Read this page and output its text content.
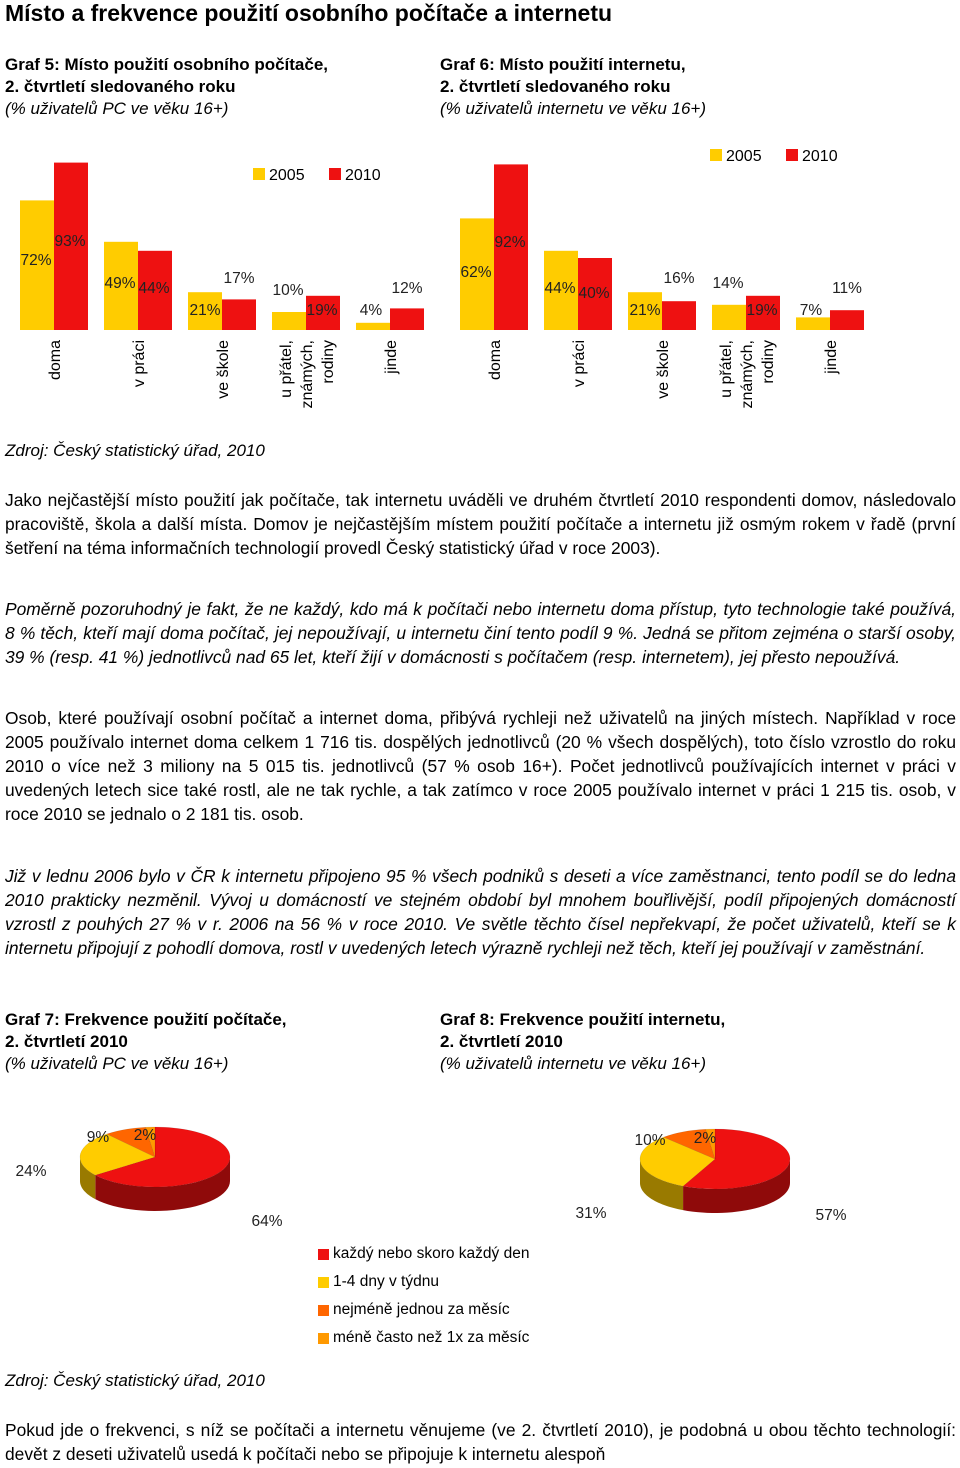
Místo a frekvence použití osobního počítače a internetu
Graf 5: Místo použití osobního počítače,
2. čtvrtletí sledovaného roku
(% uživatelů PC ve věku 16+)
Graf 6: Místo použití internetu,
2. čtvrtletí sledovaného roku
(% uživatelů internetu ve věku 16+)
72%
93%
doma
49% 44%
v práci
21%
17%
ve škole
10%
19%
u přátel, známých, rodiny
4%
12%
jinde
2005	2010
62%
92%
doma
44% 40%
v práci
21%
16%
ve škole
14%
19%
u přátel, známých, rodiny
7%
11%
jinde
2005	2010
Zdroj: Český statistický úřad, 2010

Jako nejčastější místo použití jak počítače, tak internetu uváděli ve druhém čtvrtletí 2010 respondenti domov, následovalo pracoviště, škola a další místa. Domov je nejčastějším místem použití počítače a internetu již osmým rokem v řadě (první šetření na téma informačních technologií provedl Český statistický úřad v roce 2003).

Poměrně pozoruhodný je fakt, že ne každý, kdo má k počítači nebo internetu doma přístup, tyto technologie také používá, 8 % těch, kteří mají doma počítač, jej nepoužívají, u internetu činí tento podíl 9 %. Jedná se přitom zejména o starší osoby, 39 % (resp. 41 %) jednotlivců nad 65 let, kteří žijí v domácnosti s počítačem (resp. internetem), jej přesto nepoužívá.

Osob, které používají osobní počítač a internet doma, přibývá rychleji než uživatelů na jiných místech. Například v roce 2005 používalo internet doma celkem 1 716 tis. dospělých jednotlivců (20 % všech dospělých), toto číslo vzrostlo do roku 2010 o více než 3 miliony na 5 015 tis. jednotlivců (57 % osob 16+). Počet jednotlivců používajících internet v práci v uvedených letech sice také rostl, ale ne tak rychle, a tak zatímco v roce 2005 používalo internet v práci 1 215 tis. osob, v roce 2010 se jednalo o 2 181 tis. osob.

Již v lednu 2006 bylo v ČR k internetu připojeno 95 % všech podniků s deseti a více zaměstnanci, tento podíl se do ledna 2010 prakticky nezměnil. Vývoj u domácností ve stejném období byl mnohem bouřlivější, podíl připojených domácností vzrostl z pouhých 27 % v r. 2006 na 56 % v roce 2010. Ve světle těchto čísel nepřekvapí, že počet uživatelů, kteří se k internetu připojují z pohodlí domova, rostl v uvedených letech výrazně rychleji než těch, kteří jej používají v zaměstnání.

Graf 7: Frekvence použití počítače,
2. čtvrtletí 2010
(% uživatelů PC ve věku 16+)
Graf 8: Frekvence použití internetu,
2. čtvrtletí 2010
(% uživatelů internetu ve věku 16+)
64%
24%
9% 2%
57%
31%
10% 2%
každý nebo skoro každý den
1-4 dny v týdnu
nejméně jednou za měsíc
méně často než 1x za měsíc
Zdroj: Český statistický úřad, 2010

Pokud jde o frekvenci, s níž se počítači a internetu věnujeme (ve 2. čtvrtletí 2010), je podobná u obou těchto technologií: devět z deseti uživatelů usedá k počítači nebo se připojuje k internetu alespoň
